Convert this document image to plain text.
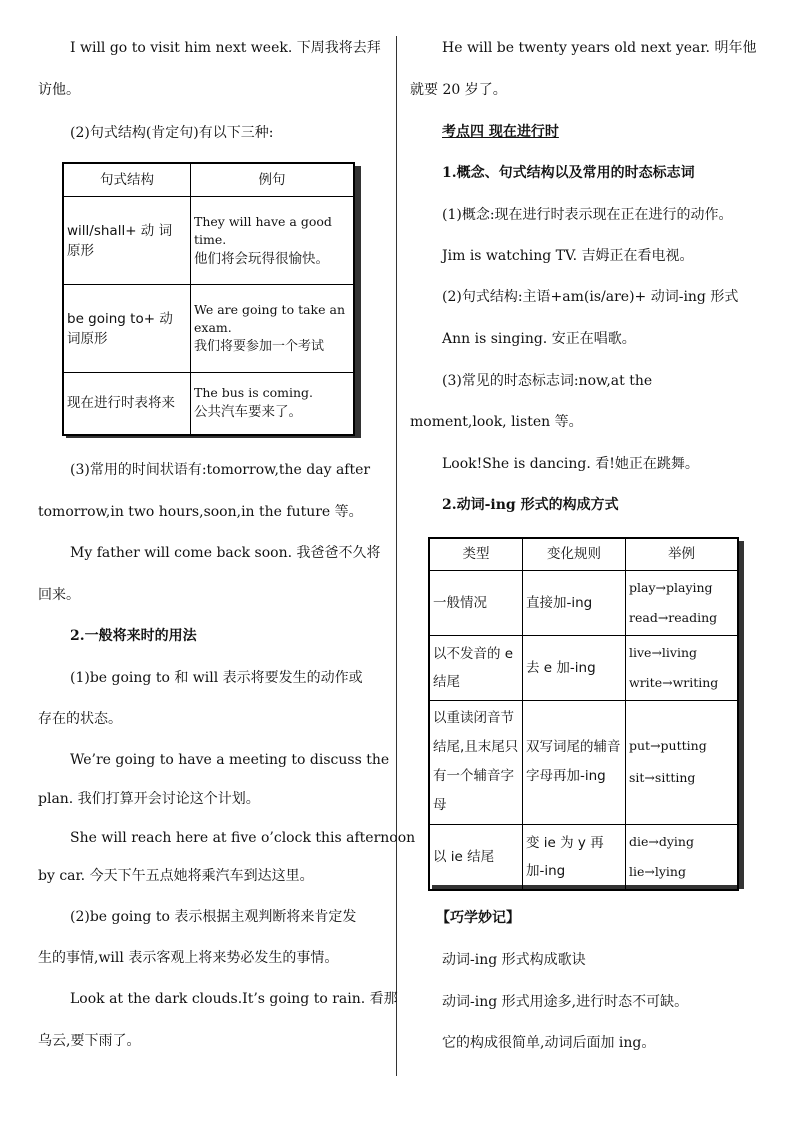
I will go to visit him next week. 下周我将去拜

访他。

(2)句式结构(肯定句)有以下三种:

句式结构	例句
will/shall+ 动 词 原形	They will have a good time.
他们将会玩得很愉快。

be going to+ 动 词原形	We are going to take an exam.
我们将要参加一个考试

现在进行时表将来	The bus is coming.
公共汽车要来了。

(3)常用的时间状语有:tomorrow,the day after

tomorrow,in two hours,soon,in the future 等。

My father will come back soon. 我爸爸不久将

回来。

2.一般将来时的用法

(1)be going to 和 will 表示将要发生的动作或

存在的状态。

We’re going to have a meeting to discuss the

plan. 我们打算开会讨论这个计划。

She will reach here at five o’clock this afternoon

by car. 今天下午五点她将乘汽车到达这里。

(2)be going to 表示根据主观判断将来肯定发

生的事情,will 表示客观上将来势必发生的事情。

Look at the dark clouds.It’s going to rain. 看那

乌云,要下雨了。

He will be twenty years old next year. 明年他

就要 20 岁了。

考点四 现在进行时

1.概念、句式结构以及常用的时态标志词

(1)概念:现在进行时表示现在正在进行的动作。

Jim is watching TV. 吉姆正在看电视。

(2)句式结构:主语+am(is/are)+ 动词-ing 形式

Ann is singing. 安正在唱歌。

(3)常见的时态标志词:now,at the

moment,look, listen 等。

Look!She is dancing. 看!她正在跳舞。

2.动词-ing 形式的构成方式

类型	变化规则	举例
一般情况	直接加-ing	play→playing
read→reading

以不发音的 e 结尾	去 e 加-ing	live→living
write→writing

以重读闭音节结尾,且末尾只有一个辅音字母	双写词尾的辅音字母再加-ing	put→putting
sit→sitting

以 ie 结尾	变 ie 为 y 再加-ing	die→dying
lie→lying

【巧学妙记】

动词-ing 形式构成歌诀

动词-ing 形式用途多,进行时态不可缺。

它的构成很简单,动词后面加 ing。
